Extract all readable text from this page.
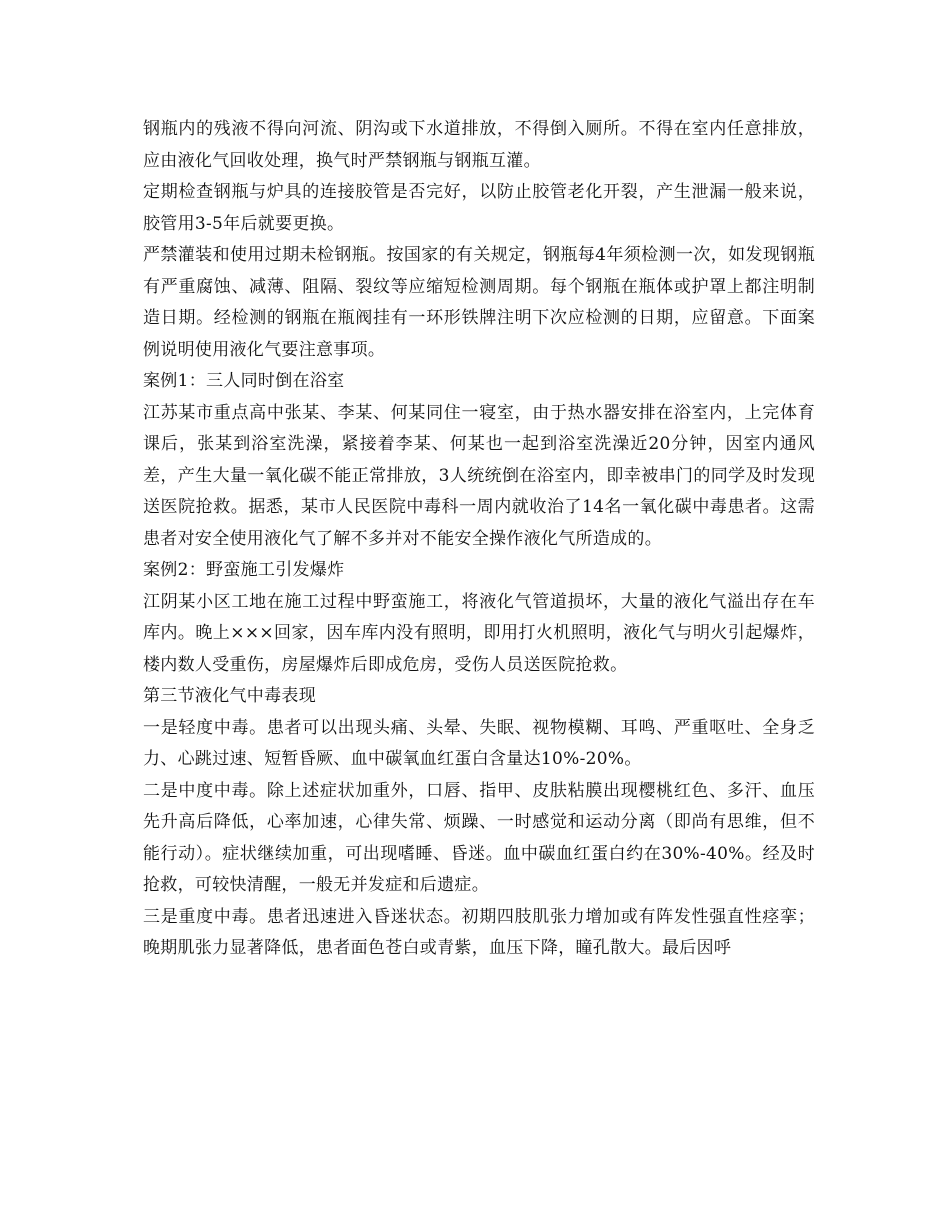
钢瓶内的残液不得向河流、阴沟或下水道排放，不得倒入厕所。不得在室内任意排放，应由液化气回收处理，换气时严禁钢瓶与钢瓶互灌。

定期检查钢瓶与炉具的连接胶管是否完好，以防止胶管老化开裂，产生泄漏一般来说，胶管用3-5年后就要更换。

严禁灌装和使用过期未检钢瓶。按国家的有关规定，钢瓶每4年须检测一次，如发现钢瓶有严重腐蚀、减薄、阻隔、裂纹等应缩短检测周期。每个钢瓶在瓶体或护罩上都注明制造日期。经检测的钢瓶在瓶阀挂有一环形铁牌注明下次应检测的日期，应留意。下面案例说明使用液化气要注意事项。

案例1：三人同时倒在浴室

江苏某市重点高中张某、李某、何某同住一寝室，由于热水器安排在浴室内，上完体育课后，张某到浴室洗澡，紧接着李某、何某也一起到浴室洗澡近20分钟，因室内通风差，产生大量一氧化碳不能正常排放，3人统统倒在浴室内，即幸被串门的同学及时发现送医院抢救。据悉，某市人民医院中毒科一周内就收治了14名一氧化碳中毒患者。这需患者对安全使用液化气了解不多并对不能安全操作液化气所造成的。

案例2：野蛮施工引发爆炸

江阴某小区工地在施工过程中野蛮施工，将液化气管道损坏，大量的液化气溢出存在车库内。晚上×××回家，因车库内没有照明，即用打火机照明，液化气与明火引起爆炸，楼内数人受重伤，房屋爆炸后即成危房，受伤人员送医院抢救。

第三节液化气中毒表现

一是轻度中毒。患者可以出现头痛、头晕、失眠、视物模糊、耳鸣、严重呕吐、全身乏力、心跳过速、短暂昏厥、血中碳氧血红蛋白含量达10%-20%。

二是中度中毒。除上述症状加重外，口唇、指甲、皮肤粘膜出现樱桃红色、多汗、血压先升高后降低，心率加速，心律失常、烦躁、一时感觉和运动分离（即尚有思维，但不能行动）。症状继续加重，可出现嗜睡、昏迷。血中碳血红蛋白约在30%-40%。经及时抢救，可较快清醒，一般无并发症和后遗症。

三是重度中毒。患者迅速进入昏迷状态。初期四肢肌张力增加或有阵发性强直性痉挛；晚期肌张力显著降低，患者面色苍白或青紫，血压下降，瞳孔散大。最后因呼
